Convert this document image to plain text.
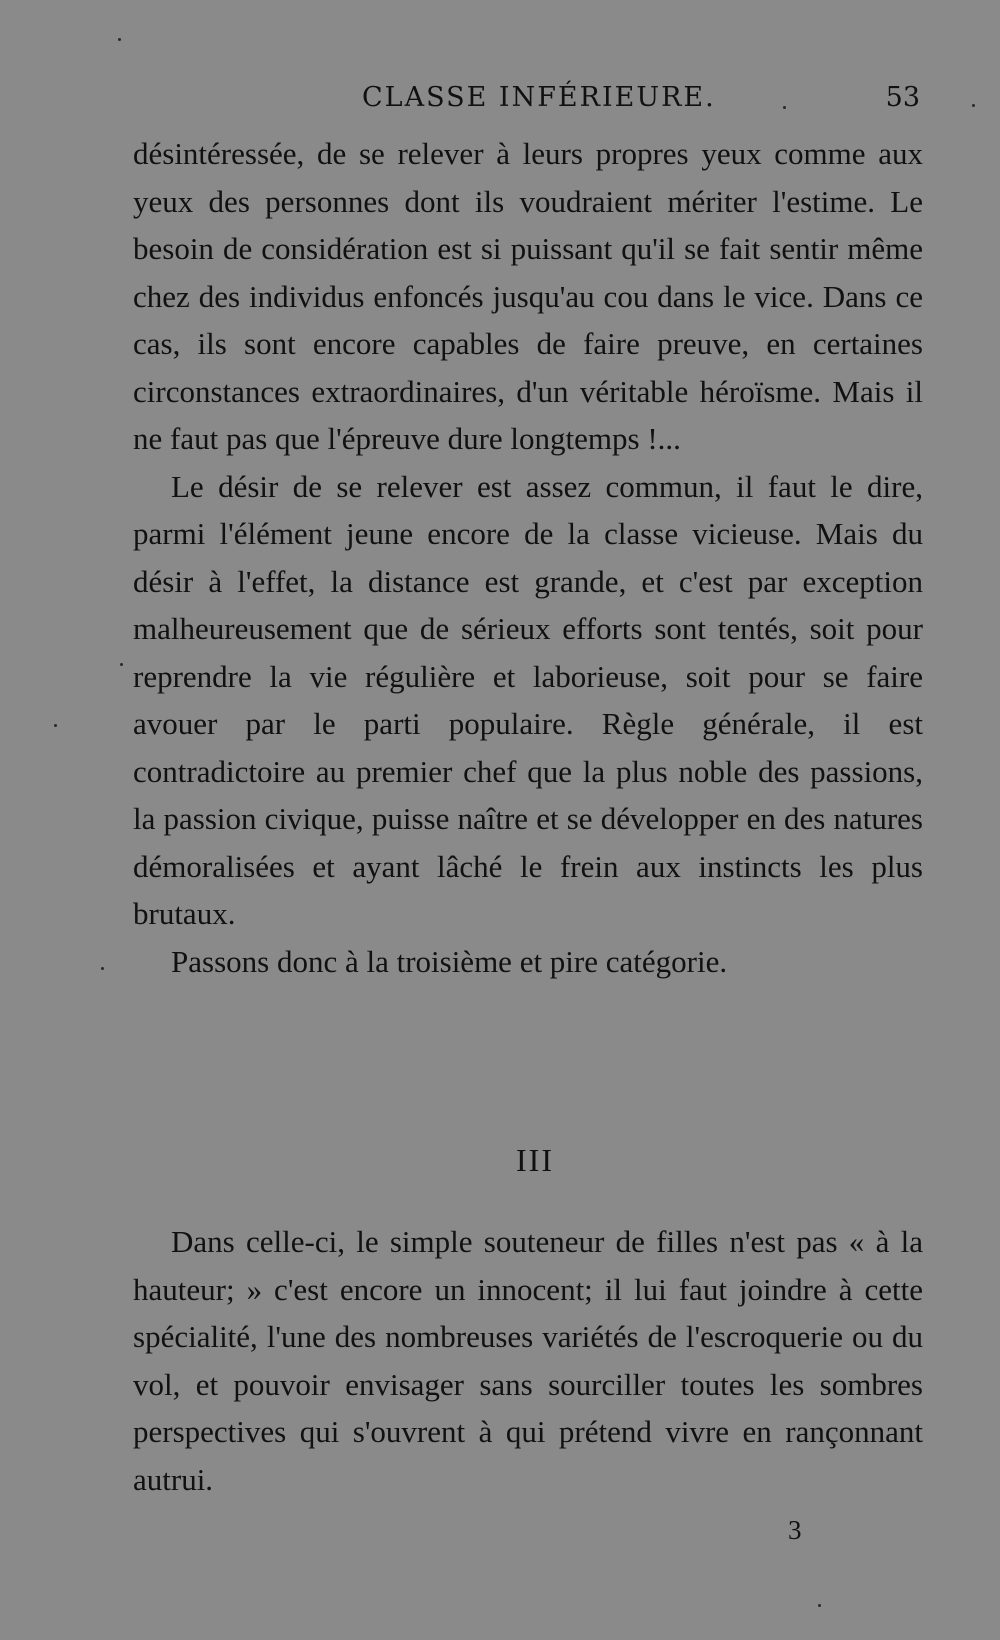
CLASSE INFÉRIEURE.	53

désintéressée, de se relever à leurs propres yeux comme aux yeux des personnes dont ils voudraient mériter l'estime. Le besoin de considération est si puissant qu'il se fait sentir même chez des individus enfoncés jusqu'au cou dans le vice. Dans ce cas, ils sont encore capables de faire preuve, en certaines circonstances extraordinaires, d'un véritable héroïsme. Mais il ne faut pas que l'épreuve dure longtemps !...

Le désir de se relever est assez commun, il faut le dire, parmi l'élément jeune encore de la classe vicieuse. Mais du désir à l'effet, la distance est grande, et c'est par exception malheureusement que de sérieux efforts sont tentés, soit pour reprendre la vie régulière et laborieuse, soit pour se faire avouer par le parti populaire. Règle générale, il est contradictoire au premier chef que la plus noble des passions, la passion civique, puisse naître et se développer en des natures démoralisées et ayant lâché le frein aux instincts les plus brutaux.

Passons donc à la troisième et pire catégorie.

III

Dans celle-ci, le simple souteneur de filles n'est pas « à la hauteur; » c'est encore un innocent; il lui faut joindre à cette spécialité, l'une des nombreuses variétés de l'escroquerie ou du vol, et pouvoir envisager sans sourciller toutes les sombres perspectives qui s'ouvrent à qui prétend vivre en rançonnant autrui.

3
